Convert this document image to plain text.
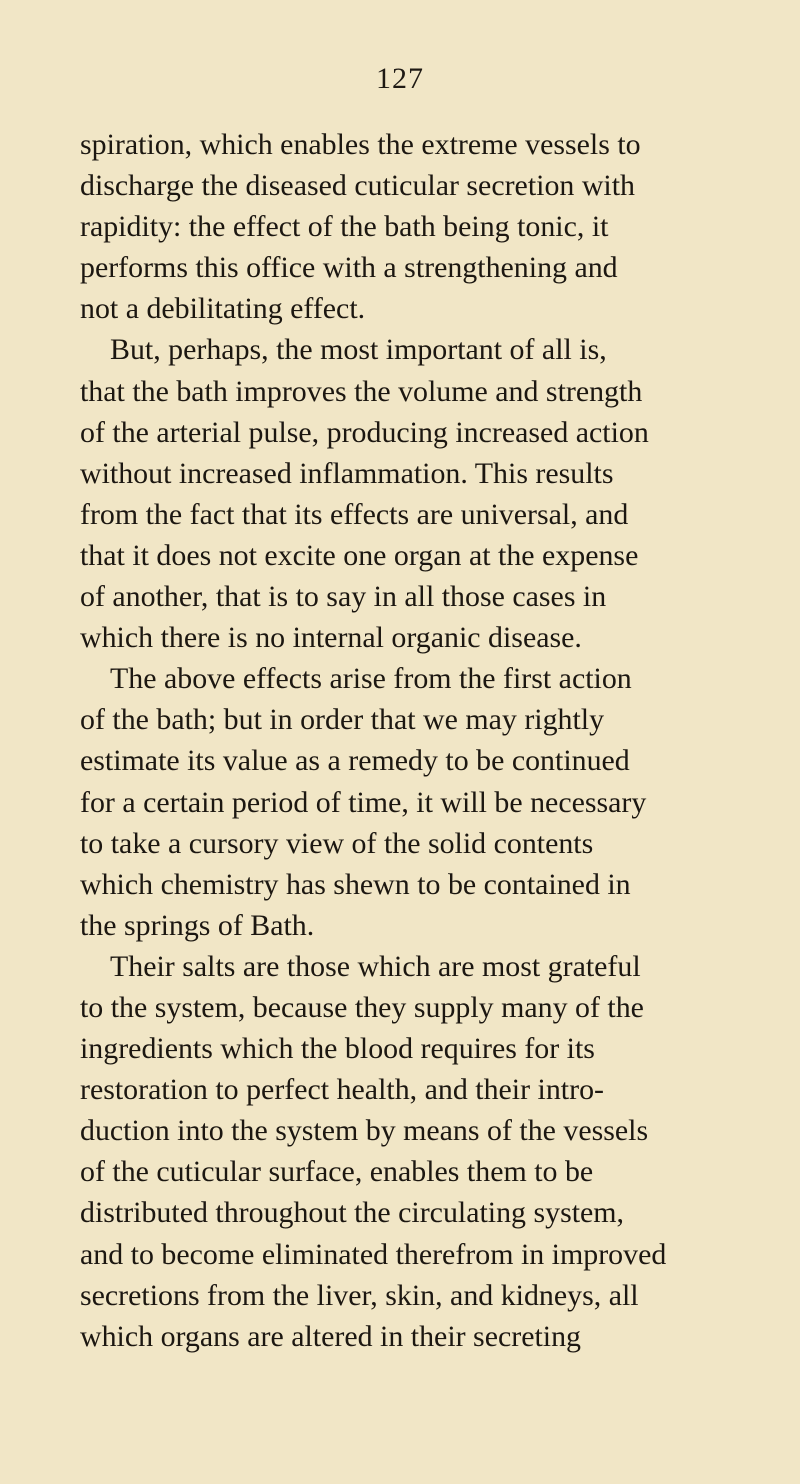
127
spiration, which enables the extreme vessels to
discharge the diseased cuticular secretion with
rapidity: the effect of the bath being tonic, it
performs this office with a strengthening and
not a debilitating effect.
But, perhaps, the most important of all is,
that the bath improves the volume and strength
of the arterial pulse, producing increased action
without increased inflammation. This results
from the fact that its effects are universal, and
that it does not excite one organ at the expense
of another, that is to say in all those cases in
which there is no internal organic disease.
The above effects arise from the first action
of the bath; but in order that we may rightly
estimate its value as a remedy to be continued
for a certain period of time, it will be necessary
to take a cursory view of the solid contents
which chemistry has shewn to be contained in
the springs of Bath.
Their salts are those which are most grateful
to the system, because they supply many of the
ingredients which the blood requires for its
restoration to perfect health, and their intro-
duction into the system by means of the vessels
of the cuticular surface, enables them to be
distributed throughout the circulating system,
and to become eliminated therefrom in improved
secretions from the liver, skin, and kidneys, all
which organs are altered in their secreting
